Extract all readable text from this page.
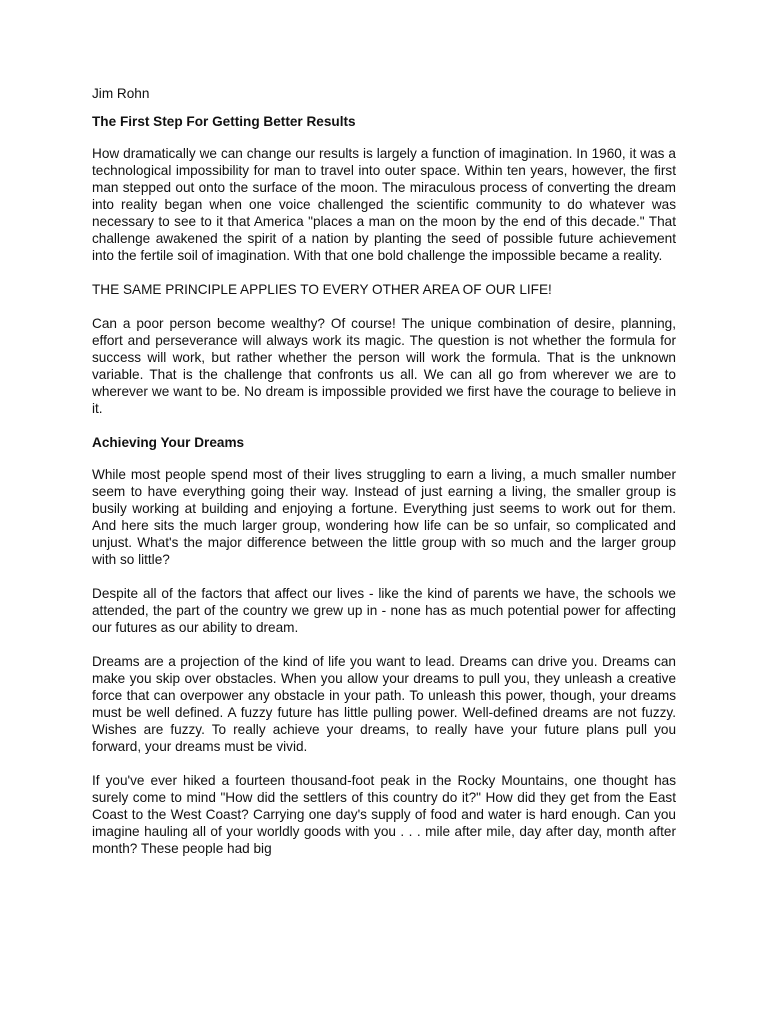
Jim Rohn
The First Step For Getting Better Results

How dramatically we can change our results is largely a function of imagination. In 1960, it was a technological impossibility for man to travel into outer space. Within ten years, however, the first man stepped out onto the surface of the moon. The miraculous process of converting the dream into reality began when one voice challenged the scientific community to do whatever was necessary to see to it that America "places a man on the moon by the end of this decade." That challenge awakened the spirit of a nation by planting the seed of possible future achievement into the fertile soil of imagination. With that one bold challenge the impossible became a reality.

THE SAME PRINCIPLE APPLIES TO EVERY OTHER AREA OF OUR LIFE!

Can a poor person become wealthy? Of course! The unique combination of desire, planning, effort and perseverance will always work its magic. The question is not whether the formula for success will work, but rather whether the person will work the formula. That is the unknown variable. That is the challenge that confronts us all. We can all go from wherever we are to wherever we want to be. No dream is impossible provided we first have the courage to believe in it.

Achieving Your Dreams

While most people spend most of their lives struggling to earn a living, a much smaller number seem to have everything going their way. Instead of just earning a living, the smaller group is busily working at building and enjoying a fortune. Everything just seems to work out for them. And here sits the much larger group, wondering how life can be so unfair, so complicated and unjust. What's the major difference between the little group with so much and the larger group with so little?

Despite all of the factors that affect our lives - like the kind of parents we have, the schools we attended, the part of the country we grew up in - none has as much potential power for affecting our futures as our ability to dream.

Dreams are a projection of the kind of life you want to lead. Dreams can drive you. Dreams can make you skip over obstacles. When you allow your dreams to pull you, they unleash a creative force that can overpower any obstacle in your path. To unleash this power, though, your dreams must be well defined. A fuzzy future has little pulling power. Well-defined dreams are not fuzzy. Wishes are fuzzy. To really achieve your dreams, to really have your future plans pull you forward, your dreams must be vivid.

If you've ever hiked a fourteen thousand-foot peak in the Rocky Mountains, one thought has surely come to mind "How did the settlers of this country do it?" How did they get from the East Coast to the West Coast? Carrying one day's supply of food and water is hard enough. Can you imagine hauling all of your worldly goods with you . . . mile after mile, day after day, month after month? These people had big
